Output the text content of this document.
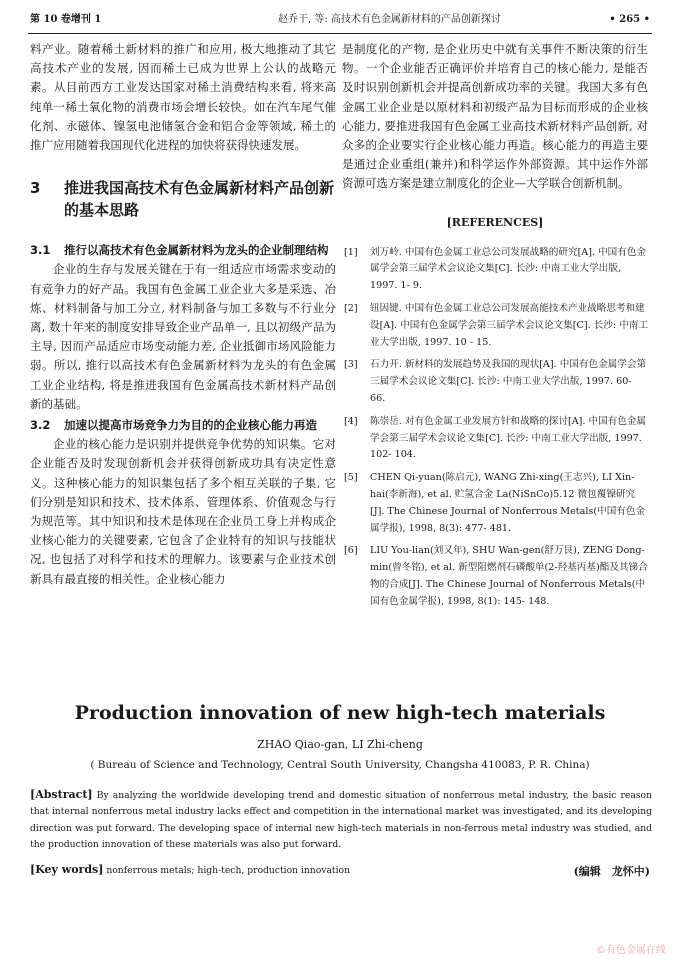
第 10 卷增刊 1	赵乔干, 等: 高技术有色金属新材料的产品创新探讨	• 265 •

料产业。随着稀土新材料的推广和应用, 极大地推动了其它高技术产业的发展, 因而稀土已成为世界上公认的战略元素。从目前西方工业发达国家对稀土消费结构来看, 将来高纯单一稀土氧化物的消费市场会增长较快。如在汽车尾气催化剂、永磁体、镍氢电池储氢合金和铝合金等领域, 稀土的推广应用随着我国现代化进程的加快将获得快速发展。

3 推进我国高技术有色金属新材料产品创新的基本思路
3.1 推行以高技术有色金属新材料为龙头的企业制理结构

企业的生存与发展关键在于有一组适应市场需求变动的有竞争力的好产品。我国有色金属工业企业大多是采选、冶炼、材料制备与加工分立, 材料制备与加工多数与不行业分离, 数十年来的制度安排导致企业产品单一, 且以初级产品为主导, 因而产品适应市场变动能力差, 企业抵御市场风险能力弱。所以, 推行以高技术有色金属新材料为龙头的有色金属工业企业结构, 将是推进我国有色金属高技术新材料产品创新的基础。

3.2 加速以提高市场竞争力为目的的企业核心能力再造

企业的核心能力是识别并提供竞争优势的知识集。它对企业能否及时发现创新机会并获得创新成功具有决定性意义。这种核心能力的知识集包括了多个相互关联的子集, 它们分别是知识和技术、技术体系、管理体系、价值观念与行为规范等。其中知识和技术是体现在企业员工身上并构成企业核心能力的关键要素, 它包含了企业特有的知识与技能状况, 也包括了对科学和技术的理解力。该要素与企业技术创新具有最直接的相关性。企业核心能力

是制度化的产物, 是企业历史中就有关事件不断决策的衍生物。一个企业能否正确评价并培育自己的核心能力, 是能否及时识别创新机会并提高创新成功率的关键。我国大多有色金属工业企业是以原材料和初级产品为目标而形成的企业核心能力, 要推进我国有色金属工业高技术新材料产品创新, 对众多的企业要实行企业核心能力再造。核心能力的再造主要是通过企业重组(兼并)和科学运作外部资源。其中运作外部资源可选方案是建立制度化的企业—大学联合创新机制。

[REFERENCES]
[1] 刘万岭. 中国有色金属工业总公司发展战略的研究[A]. 中国有色金属学会第三届学术会议论文集[C]. 长沙: 中南工业大学出版, 1997. 1- 9.
[2] 钮因键. 中国有色金属工业总公司发展高能技术产业战略思考和建设[A]. 中国有色金属学会第三届学术会议论文集[C]. 长沙: 中南工业大学出版, 1997. 10 - 15.
[3] 石力开. 新材料的发展趋势及我国的现状[A]. 中国有色金属学会第三届学术会议论文集[C]. 长沙: 中南工业大学出版, 1997. 60- 66.
[4] 陈崇岳. 对有色金属工业发展方针和战略的探讨[A]. 中国有色金属学会第三届学术会议论文集[C]. 长沙: 中南工业大学出版, 1997. 102- 104.
[5] CHEN Qi-yuan(陈启元), WANG Zhi-xing(王志兴), LI Xin-hai(李新海), et al. 贮氢合金 La(NiSnCo)5.12 微包覆镍研究[J]. The Chinese Journal of Nonferrous Metals(中国有色金属学报), 1998, 8(3): 477- 481.
[6] LIU You-lian(刘又年), SHU Wan-gen(舒万艮), ZENG Dong-min(曾冬铭), et al. 新型阻燃剂石磷酸单(2-羟基丙基)酯及其锑合物的合成[J]. The Chinese Journal of Nonferrous Metals(中国有色金属学报), 1998, 8(1): 145- 148.
Production innovation of new high-tech materials
ZHAO Qiao-gan, LI Zhi-cheng
( Bureau of Science and Technology, Central South University, Changsha 410083, P. R. China)
[Abstract] By analyzing the worldwide developing trend and domestic situation of nonferrous metal industry, the basic reason that internal nonferrous metal industry lacks effect and competition in the international market was investigated, and its developing direction was put forward. The developing space of internal new high-tech materials in non-ferrous metal industry was studied, and the production innovation of these materials was also put forward.
[Key words] nonferrous metals; high-tech, production innovation	(编辑　龙怀中)
©有色金属在线
